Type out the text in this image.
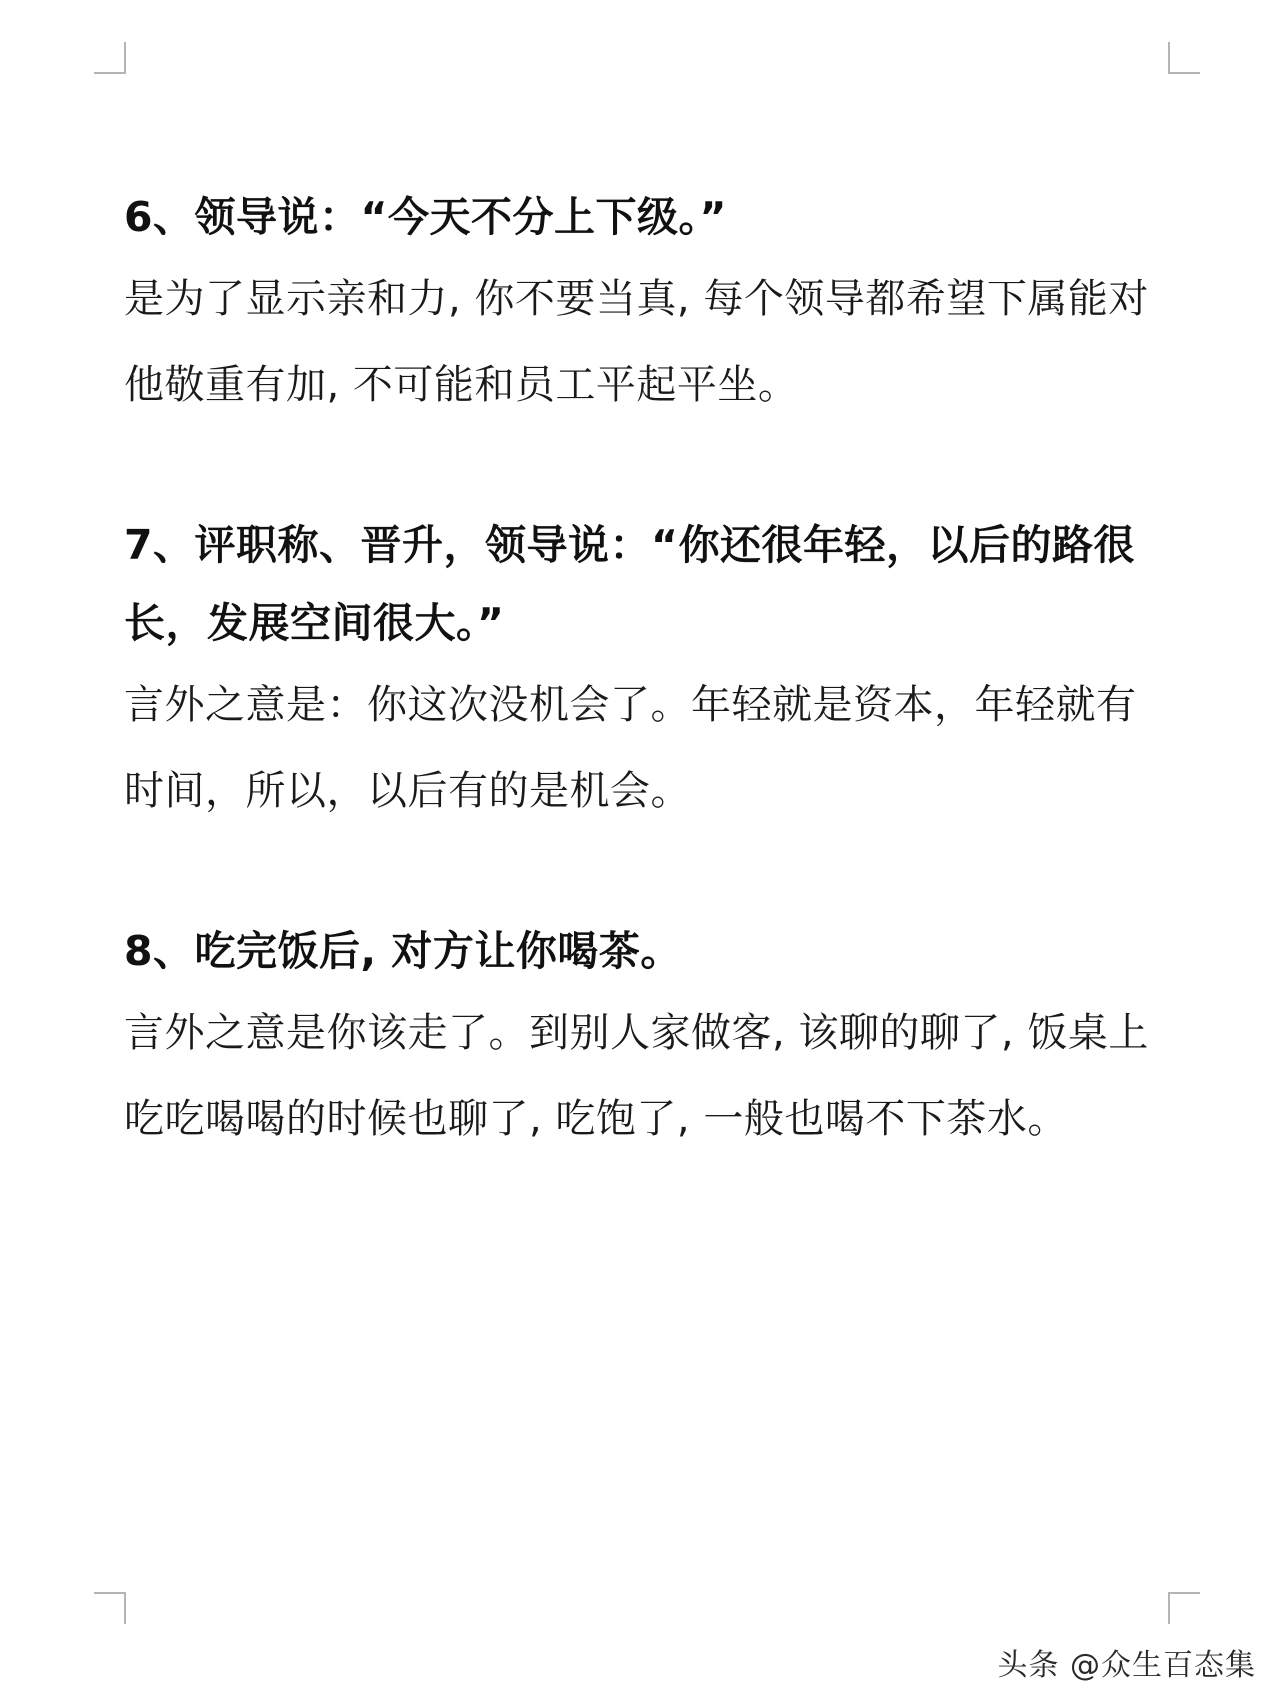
6、领导说：“今天不分上下级。”

是为了显示亲和力, 你不要当真, 每个领导都希望下属能对他敬重有加, 不可能和员工平起平坐。

7、评职称、晋升，领导说：“你还很年轻，以后的路很长，发展空间很大。”

言外之意是：你这次没机会了。年轻就是资本，年轻就有时间，所以，以后有的是机会。

8、吃完饭后, 对方让你喝茶。

言外之意是你该走了。到别人家做客, 该聊的聊了, 饭桌上吃吃喝喝的时候也聊了, 吃饱了, 一般也喝不下茶水。

头条 @众生百态集
